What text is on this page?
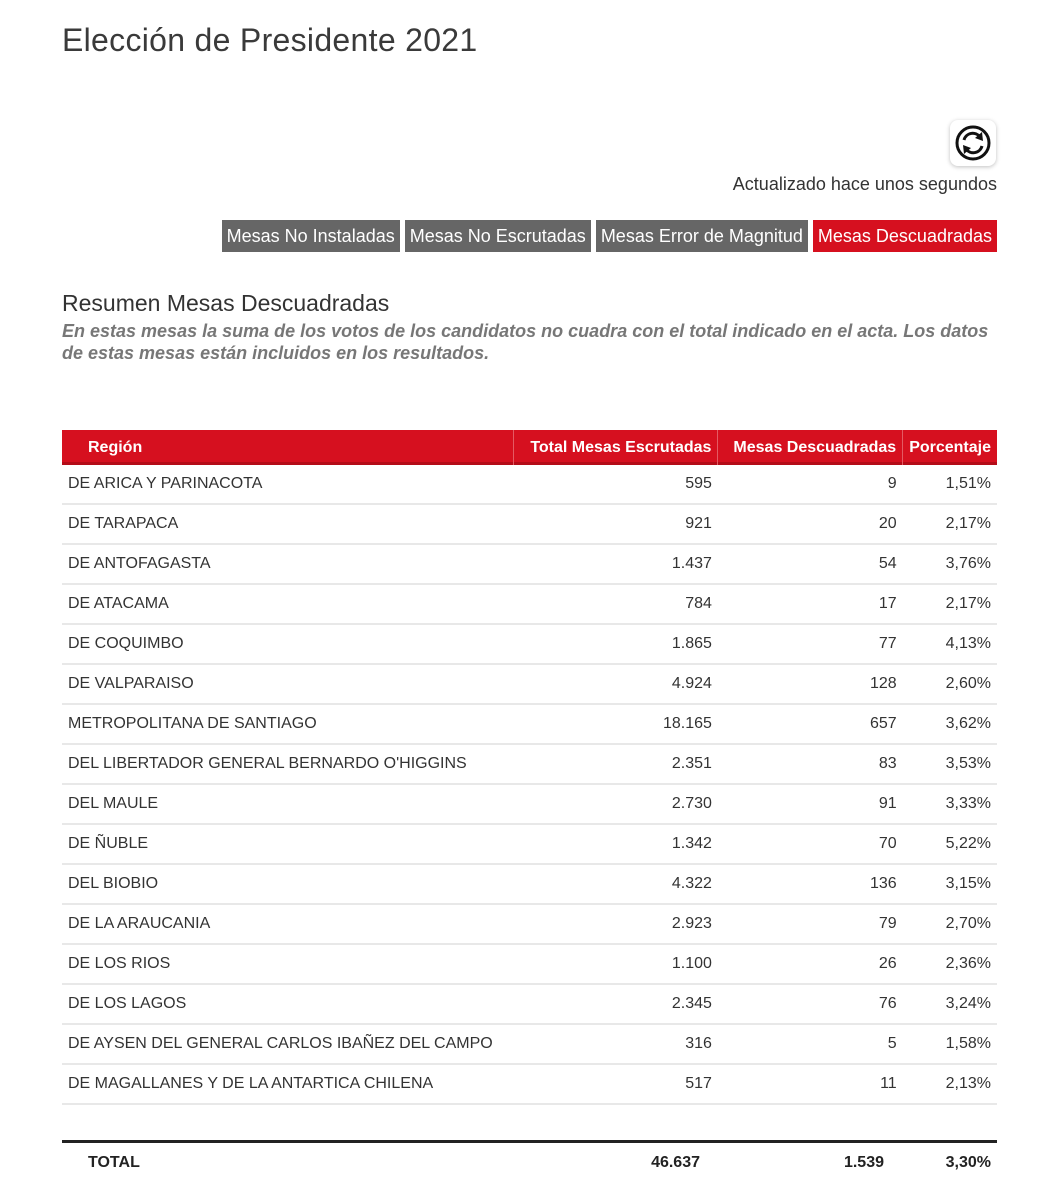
Elección de Presidente 2021
Actualizado hace unos segundos
Mesas No Instaladas Mesas No Escrutadas Mesas Error de Magnitud Mesas Descuadradas
Resumen Mesas Descuadradas
En estas mesas la suma de los votos de los candidatos no cuadra con el total indicado en el acta. Los datos de estas mesas están incluidos en los resultados.
Región	Total Mesas Escrutadas	Mesas Descuadradas	Porcentaje
DE ARICA Y PARINACOTA	595	9	1,51%
DE TARAPACA	921	20	2,17%
DE ANTOFAGASTA	1.437	54	3,76%
DE ATACAMA	784	17	2,17%
DE COQUIMBO	1.865	77	4,13%
DE VALPARAISO	4.924	128	2,60%
METROPOLITANA DE SANTIAGO	18.165	657	3,62%
DEL LIBERTADOR GENERAL BERNARDO O'HIGGINS	2.351	83	3,53%
DEL MAULE	2.730	91	3,33%
DE ÑUBLE	1.342	70	5,22%
DEL BIOBIO	4.322	136	3,15%
DE LA ARAUCANIA	2.923	79	2,70%
DE LOS RIOS	1.100	26	2,36%
DE LOS LAGOS	2.345	76	3,24%
DE AYSEN DEL GENERAL CARLOS IBAÑEZ DEL CAMPO	316	5	1,58%
DE MAGALLANES Y DE LA ANTARTICA CHILENA	517	11	2,13%
TOTAL	46.637	1.539	3,30%
